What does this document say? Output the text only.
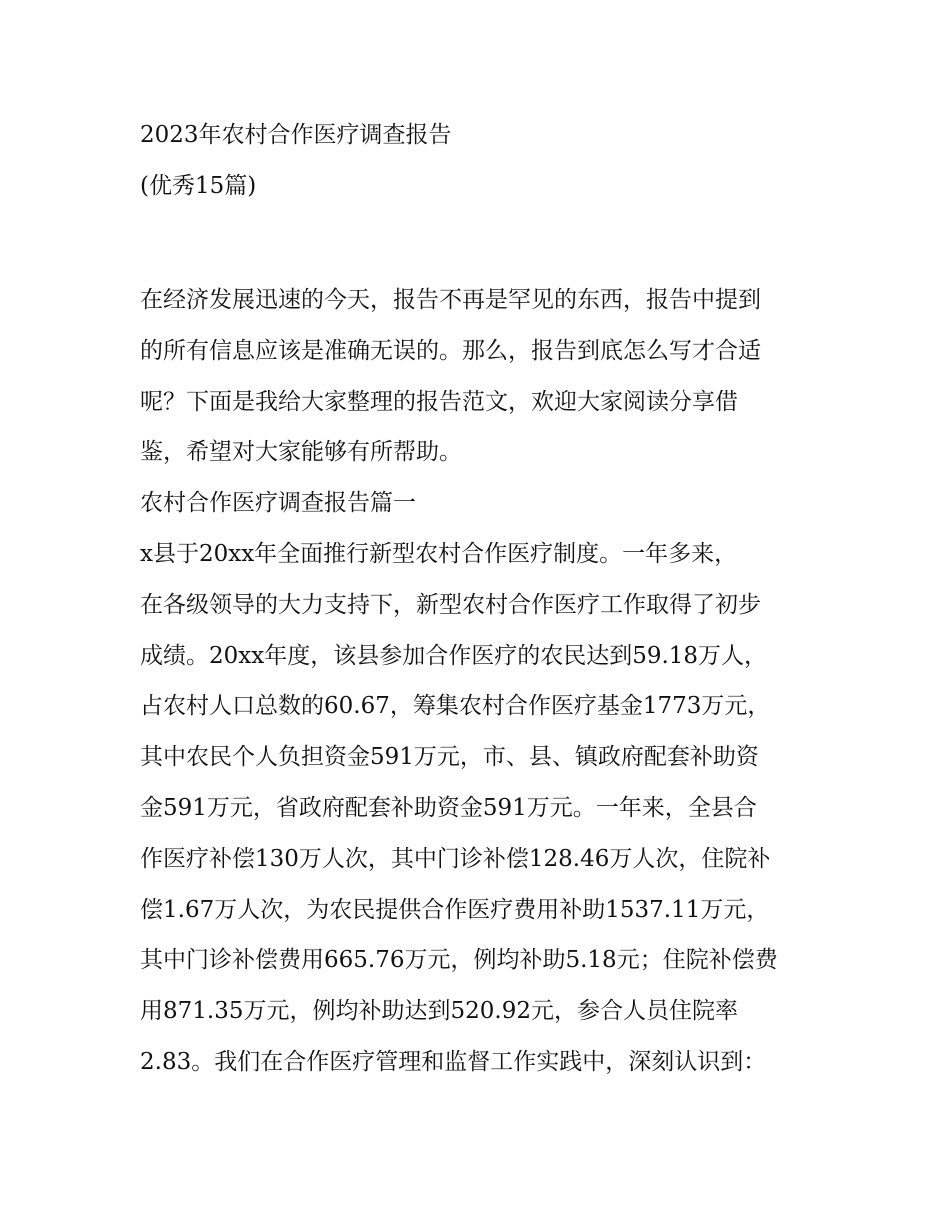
2023年农村合作医疗调查报告
(优秀15篇)
在经济发展迅速的今天，报告不再是罕见的东西，报告中提到
的所有信息应该是准确无误的。那么，报告到底怎么写才合适
呢？下面是我给大家整理的报告范文，欢迎大家阅读分享借
鉴，希望对大家能够有所帮助。
农村合作医疗调查报告篇一
x县于20xx年全面推行新型农村合作医疗制度。一年多来，
在各级领导的大力支持下，新型农村合作医疗工作取得了初步
成绩。20xx年度，该县参加合作医疗的农民达到59.18万人，
占农村人口总数的60.67，筹集农村合作医疗基金1773万元，
其中农民个人负担资金591万元，市、县、镇政府配套补助资
金591万元，省政府配套补助资金591万元。一年来，全县合
作医疗补偿130万人次，其中门诊补偿128.46万人次，住院补
偿1.67万人次，为农民提供合作医疗费用补助1537.11万元，
其中门诊补偿费用665.76万元，例均补助5.18元；住院补偿费
用871.35万元，例均补助达到520.92元，参合人员住院率
2.83。我们在合作医疗管理和监督工作实践中，深刻认识到：
